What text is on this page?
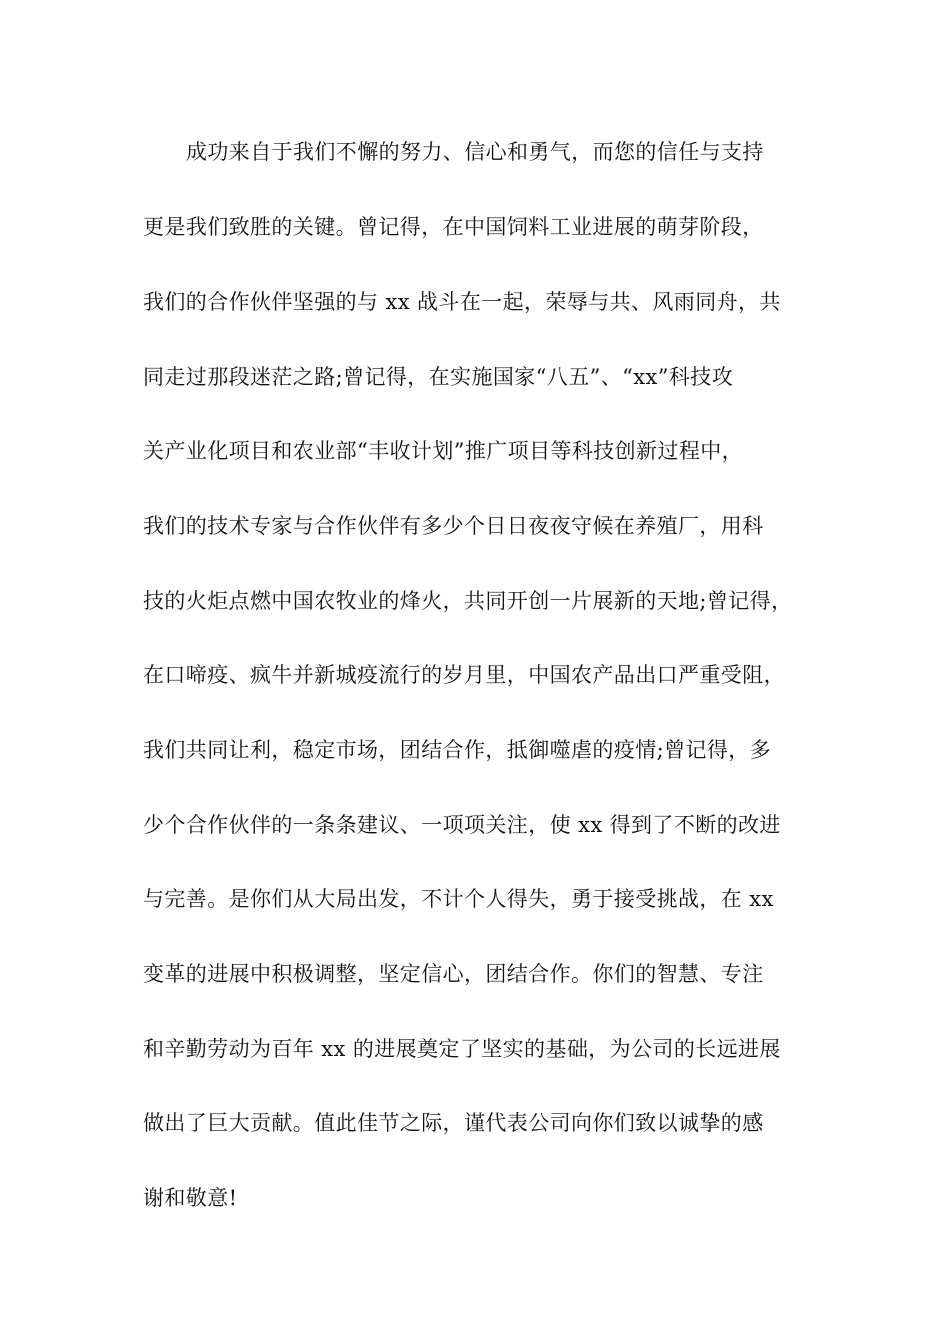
成功来自于我们不懈的努力、信心和勇气，而您的信任与支持
更是我们致胜的关键。曾记得，在中国饲料工业进展的萌芽阶段，
我们的合作伙伴坚强的与 xx 战斗在一起，荣辱与共、风雨同舟，共
同走过那段迷茫之路;曾记得，在实施国家“八五”、“xx”科技攻
关产业化项目和农业部“丰收计划”推广项目等科技创新过程中，
我们的技术专家与合作伙伴有多少个日日夜夜守候在养殖厂，用科
技的火炬点燃中国农牧业的烽火，共同开创一片展新的天地;曾记得，
在口啼疫、疯牛并新城疫流行的岁月里，中国农产品出口严重受阻，
我们共同让利，稳定市场，团结合作，抵御噬虐的疫情;曾记得，多
少个合作伙伴的一条条建议、一项项关注，使 xx 得到了不断的改进
与完善。是你们从大局出发，不计个人得失，勇于接受挑战，在 xx
变革的进展中积极调整，坚定信心，团结合作。你们的智慧、专注
和辛勤劳动为百年 xx 的进展奠定了坚实的基础，为公司的长远进展
做出了巨大贡献。值此佳节之际，谨代表公司向你们致以诚挚的感
谢和敬意!
